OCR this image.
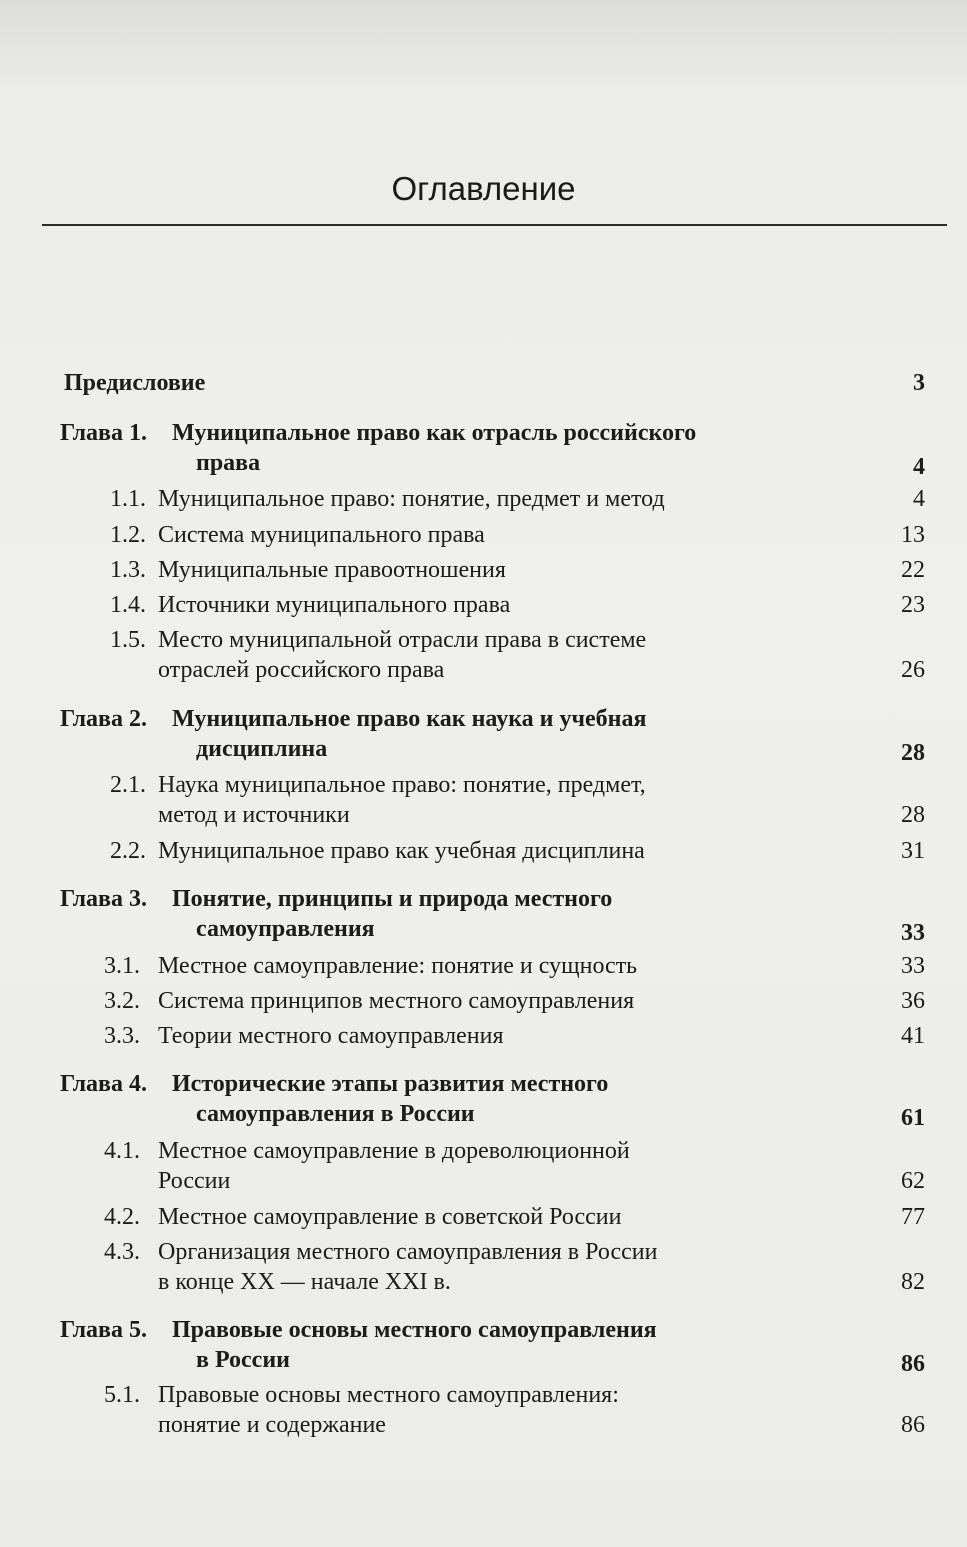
Оглавление
Предисловие	3
Глава 1. Муниципальное право как отрасль российского
права	4
1.1. Муниципальное право: понятие, предмет и метод	4
1.2. Система муниципального права	13
1.3. Муниципальные правоотношения	22
1.4. Источники муниципального права	23
1.5. Место муниципальной отрасли права в системе
отраслей российского права	26
Глава 2. Муниципальное право как наука и учебная
дисциплина	28
2.1. Наука муниципальное право: понятие, предмет,
метод и источники	28
2.2. Муниципальное право как учебная дисциплина	31
Глава 3. Понятие, принципы и природа местного
самоуправления	33
3.1. Местное самоуправление: понятие и сущность	33
3.2. Система принципов местного самоуправления	36
3.3. Теории местного самоуправления	41
Глава 4. Исторические этапы развития местного
самоуправления в России	61
4.1. Местное самоуправление в дореволюционной
России	62
4.2. Местное самоуправление в советской России	77
4.3. Организация местного самоуправления в России
в конце XX — начале XXI в.	82
Глава 5. Правовые основы местного самоуправления
в России	86
5.1. Правовые основы местного самоуправления:
понятие и содержание	86
